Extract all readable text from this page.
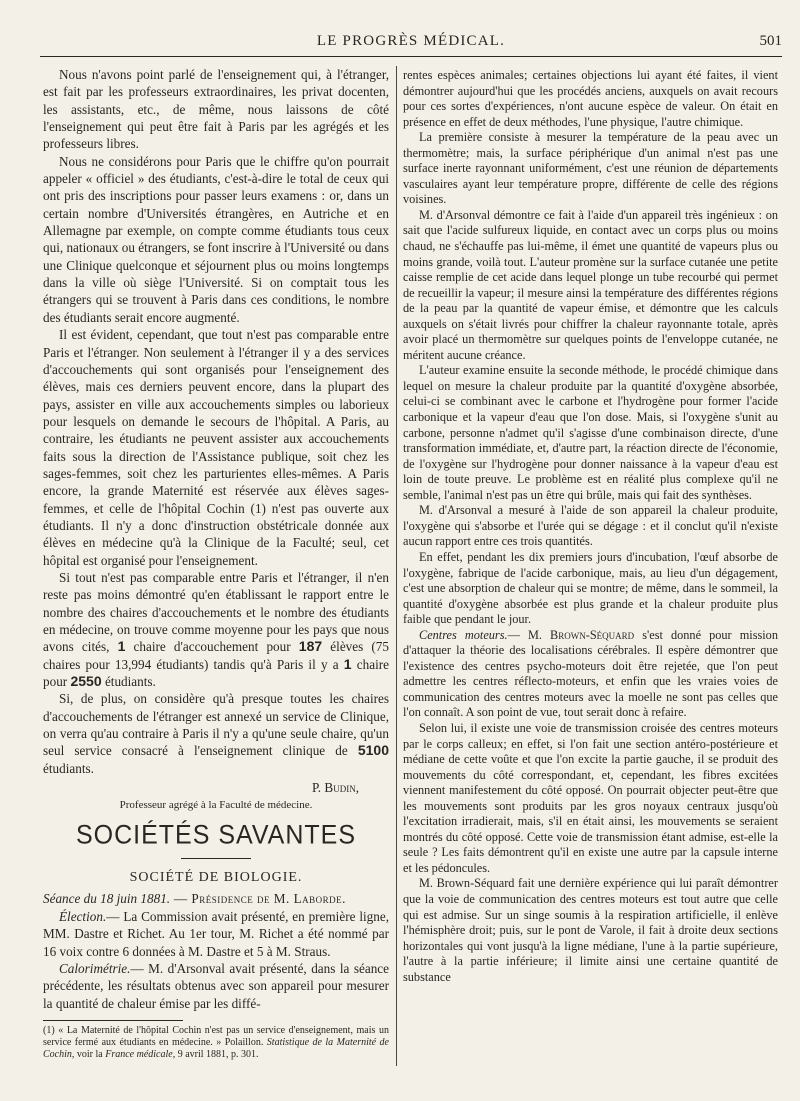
LE PROGRÈS MÉDICAL.	501

Nous n'avons point parlé de l'enseignement qui, à l'étranger, est fait par les professeurs extraordinaires, les privat docenten, les assistants, etc., de même, nous laissons de côté l'enseignement qui peut être fait à Paris par les agrégés et les professeurs libres.

Nous ne considérons pour Paris que le chiffre qu'on pourrait appeler « officiel » des étudiants, c'est-à-dire le total de ceux qui ont pris des inscriptions pour passer leurs examens : or, dans un certain nombre d'Universités étrangères, en Autriche et en Allemagne par exemple, on compte comme étudiants tous ceux qui, nationaux ou étrangers, se font inscrire à l'Université ou dans une Clinique quelconque et séjournent plus ou moins longtemps dans la ville où siège l'Université. Si on comptait tous les étrangers qui se trouvent à Paris dans ces conditions, le nombre des étudiants serait encore augmenté.

Il est évident, cependant, que tout n'est pas comparable entre Paris et l'étranger. Non seulement à l'étranger il y a des services d'accouchements qui sont organisés pour l'enseignement des élèves, mais ces derniers peuvent encore, dans la plupart des pays, assister en ville aux accouchements simples ou laborieux pour lesquels on demande le secours de l'hôpital. A Paris, au contraire, les étudiants ne peuvent assister aux accouchements faits sous la direction de l'Assistance publique, soit chez les sages-femmes, soit chez les parturientes elles-mêmes. A Paris encore, la grande Maternité est réservée aux élèves sages-femmes, et celle de l'hôpital Cochin (1) n'est pas ouverte aux étudiants. Il n'y a donc d'instruction obstétricale donnée aux élèves en médecine qu'à la Clinique de la Faculté; seul, cet hôpital est organisé pour l'enseignement.

Si tout n'est pas comparable entre Paris et l'étranger, il n'en reste pas moins démontré qu'en établissant le rapport entre le nombre des chaires d'accouchements et le nombre des étudiants en médecine, on trouve comme moyenne pour les pays que nous avons cités, 1 chaire d'accouchement pour 187 élèves (75 chaires pour 13,994 étudiants) tandis qu'à Paris il y a 1 chaire pour 2550 étudiants.

Si, de plus, on considère qu'à presque toutes les chaires d'accouchements de l'étranger est annexé un service de Clinique, on verra qu'au contraire à Paris il n'y a qu'une seule chaire, qu'un seul service consacré à l'enseignement clinique de 5100 étudiants.

P. Budin,
Professeur agrégé à la Faculté de médecine.
SOCIÉTÉS SAVANTES
SOCIÉTÉ DE BIOLOGIE.

Séance du 18 juin 1881. — Présidence de M. Laborde.

Élection.— La Commission avait présenté, en première ligne, MM. Dastre et Richet. Au 1er tour, M. Richet a été nommé par 16 voix contre 6 données à M. Dastre et 5 à M. Straus.

Calorimétrie.— M. d'Arsonval avait présenté, dans la séance précédente, les résultats obtenus avec son appareil pour mesurer la quantité de chaleur émise par les diffé-

(1) « La Maternité de l'hôpital Cochin n'est pas un service d'enseignement, mais un service fermé aux étudiants en médecine. » Polaillon. Statistique de la Maternité de Cochin, voir la France médicale, 9 avril 1881, p. 301.

rentes espèces animales; certaines objections lui ayant été faites, il vient démontrer aujourd'hui que les procédés anciens, auxquels on avait recours pour ces sortes d'expériences, n'ont aucune espèce de valeur. On était en présence en effet de deux méthodes, l'une physique, l'autre chimique.

La première consiste à mesurer la température de la peau avec un thermomètre; mais, la surface périphérique d'un animal n'est pas une surface inerte rayonnant uniformément, c'est une réunion de départements vasculaires ayant leur température propre, différente de celle des régions voisines.

M. d'Arsonval démontre ce fait à l'aide d'un appareil très ingénieux : on sait que l'acide sulfureux liquide, en contact avec un corps plus ou moins chaud, ne s'échauffe pas lui-même, il émet une quantité de vapeurs plus ou moins grande, voilà tout. L'auteur promène sur la surface cutanée une petite caisse remplie de cet acide dans lequel plonge un tube recourbé qui permet de recueillir la vapeur; il mesure ainsi la température des différentes régions de la peau par la quantité de vapeur émise, et démontre que les calculs auxquels on s'était livrés pour chiffrer la chaleur rayonnante totale, après avoir placé un thermomètre sur quelques points de l'enveloppe cutanée, ne méritent aucune créance.

L'auteur examine ensuite la seconde méthode, le procédé chimique dans lequel on mesure la chaleur produite par la quantité d'oxygène absorbée, celui-ci se combinant avec le carbone et l'hydrogène pour former l'acide carbonique et la vapeur d'eau que l'on dose. Mais, si l'oxygène s'unit au carbone, personne n'admet qu'il s'agisse d'une combinaison directe, d'une transformation immédiate, et, d'autre part, la réaction directe de l'économie, de l'oxygène sur l'hydrogène pour donner naissance à la vapeur d'eau est loin de toute preuve. Le problème est en réalité plus complexe qu'il ne semble, l'animal n'est pas un être qui brûle, mais qui fait des synthèses.

M. d'Arsonval a mesuré à l'aide de son appareil la chaleur produite, l'oxygène qui s'absorbe et l'urée qui se dégage : et il conclut qu'il n'existe aucun rapport entre ces trois quantités.

En effet, pendant les dix premiers jours d'incubation, l'œuf absorbe de l'oxygène, fabrique de l'acide carbonique, mais, au lieu d'un dégagement, c'est une absorption de chaleur qui se montre; de même, dans le sommeil, la quantité d'oxygène absorbée est plus grande et la chaleur produite plus faible que pendant le jour.

Centres moteurs.— M. Brown-Séquard s'est donné pour mission d'attaquer la théorie des localisations cérébrales. Il espère démontrer que l'existence des centres psycho-moteurs doit être rejetée, que l'on peut admettre les centres réflecto-moteurs, et enfin que les vraies voies de communication des centres moteurs avec la moelle ne sont pas celles que l'on connaît. A son point de vue, tout serait donc à refaire.

Selon lui, il existe une voie de transmission croisée des centres moteurs par le corps calleux; en effet, si l'on fait une section antéro-postérieure et médiane de cette voûte et que l'on excite la partie gauche, il se produit des mouvements du côté correspondant, et, cependant, les fibres excitées viennent manifestement du côté opposé. On pourrait objecter peut-être que les mouvements sont produits par les gros noyaux centraux jusqu'où l'excitation irradierait, mais, s'il en était ainsi, les mouvements se seraient montrés du côté opposé. Cette voie de transmission étant admise, est-elle la seule ? Les faits démontrent qu'il en existe une autre par la capsule interne et les pédoncules.

M. Brown-Séquard fait une dernière expérience qui lui paraît démontrer que la voie de communication des centres moteurs est tout autre que celle qui est admise. Sur un singe soumis à la respiration artificielle, il enlève l'hémisphère droit; puis, sur le pont de Varole, il fait à droite deux sections horizontales qui vont jusqu'à la ligne médiane, l'une à la partie supérieure, l'autre à la partie inférieure; il limite ainsi une certaine quantité de substance
